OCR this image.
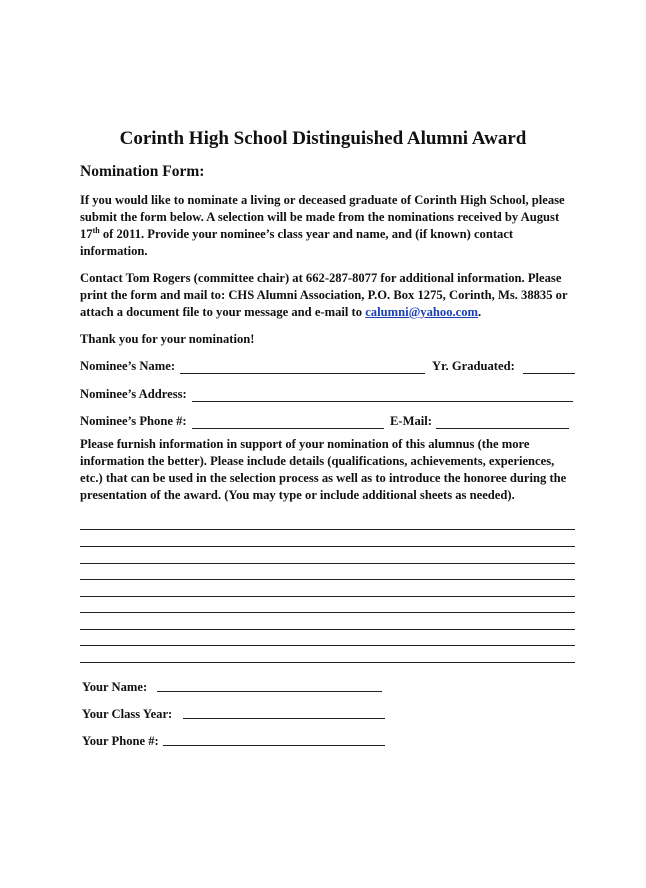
Corinth High School Distinguished Alumni Award
Nomination Form:
If you would like to nominate a living or deceased graduate of Corinth High School, please submit the form below. A selection will be made from the nominations received by August 17th of 2011. Provide your nominee’s class year and name, and (if known) contact information.
Contact Tom Rogers (committee chair) at 662-287-8077 for additional information. Please print the form and mail to: CHS Alumni Association, P.O. Box 1275, Corinth, Ms. 38835 or attach a document file to your message and e-mail to calumni@yahoo.com.
Thank you for your nomination!
Nominee’s Name:	Yr. Graduated:
Nominee’s Address:
Nominee’s Phone #:	E-Mail:
Please furnish information in support of your nomination of this alumnus (the more information the better). Please include details (qualifications, achievements, experiences, etc.) that can be used in the selection process as well as to introduce the honoree during the presentation of the award. (You may type or include additional sheets as needed).
Your Name:
Your Class Year:
Your Phone #:
